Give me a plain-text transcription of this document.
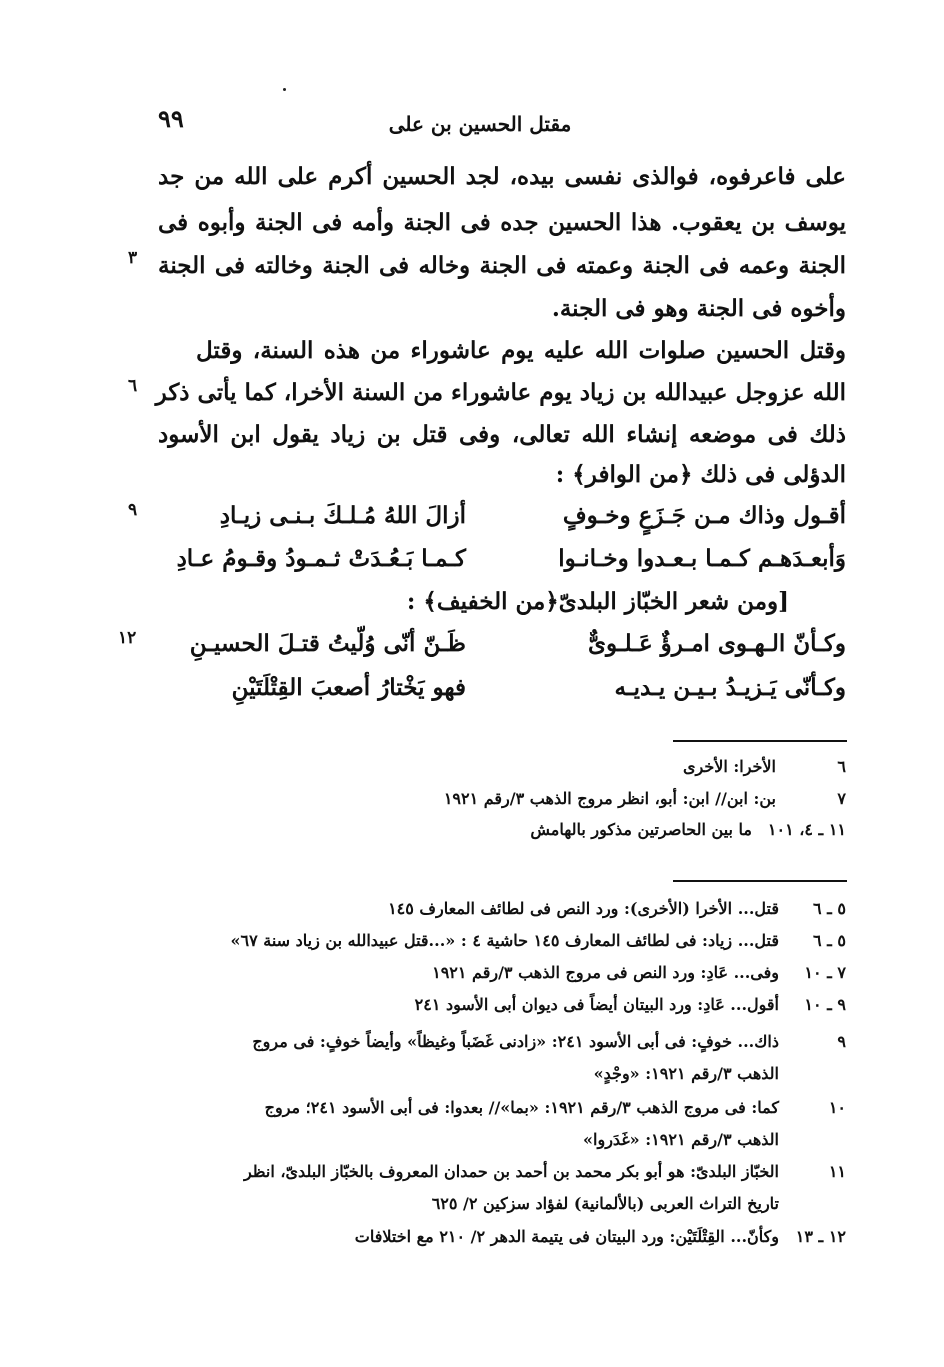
٩٩	مقتل الحسين بن على
على فاعرفوه، فوالذى نفسى بيده، لجد الحسين أكرم على الله من جد
يوسف بن يعقوب. هذا الحسين جده فى الجنة وأمه فى الجنة وأبوه فى
الجنة وعمه فى الجنة وعمته فى الجنة وخاله فى الجنة وخالته فى الجنة
وأخوه فى الجنة وهو فى الجنة.
وقتل الحسين صلوات الله عليه يوم عاشوراء من هذه السنة، وقتل
الله عزوجل عبيدالله بن زياد يوم عاشوراء من السنة الأخرا، كما يأتى ذكر
ذلك فى موضعه إنشاء الله تعالى، وفى قتل بن زياد يقول ابن الأسود
الدؤلى فى ذلك ﴿من الوافر﴾ :
٣
٦
٩
١٢
أقـول وذاك مـن جَـزَعٍ وخـوفٍ
أزالَ اللهُ مُـلـكَ بـنـى زيـادِ
وَأبعـدَهـم كـمـا بـعـدوا وخـانـوا
كـمـا بَـعُـدَتْ ثـمـودُ وقـومُ عـادِ
[ومن شعر الخبّاز البلدىّ﴿من الخفيف﴾ :
وكـأنّ الـهـوى امـرؤٌ عَـلـوىٌّ
ظَـنّ أنّى وُلّيتُ قتـلَ الحسيـنِ
وكـأنّى يَـزيـدُ بـيـن يـديـه
فهو يَخْتارُ أصعبَ القِتْلَتَيْنِ
٦
الأخرا: الأخرى
٧
بن: ابن// ابن: أبو، انظر مروج الذهب ٣/رقم ١٩٢١
١١ ـ ٤، ١٠١
ما بين الحاصرتين مذكور بالهامش
٥ ـ ٦
قتل... الأخرا (الأخرى): ورد النص فى لطائف المعارف ١٤٥
٥ ـ ٦
قتل... زياد: فى لطائف المعارف ١٤٥ حاشية ٤ : «...قتل عبيدالله بن زياد سنة ٦٧»
٧ ـ ١٠
وفى... عَادِ: ورد النص فى مروج الذهب ٣/رقم ١٩٢١
٩ ـ ١٠
أقول... عَادِ: ورد البيتان أيضاً فى ديوان أبى الأسود ٢٤١
٩
ذاك... خوفٍ: فى أبى الأسود ٢٤١: «زادنى غَضَباً وغيظاً» وأيضاً خوفٍ: فى مروج
الذهب ٣/رقم ١٩٢١: «وجْدٍ»
١٠
كما: فى مروج الذهب ٣/رقم ١٩٢١: «بما»// بعدوا: فى أبى الأسود ٢٤١؛ مروج
الذهب ٣/رقم ١٩٢١: «غَدَروا»
١١
الخبّاز البلدىّ: هو أبو بكر محمد بن أحمد بن حمدان المعروف بالخبّاز البلدىّ، انظر
تاريخ التراث العربى (بالألمانية) لفؤاد سزكين ٢/ ٦٢٥
١٢ ـ ١٣
وكأنّ... القِتْلَتَيْن: ورد البيتان فى يتيمة الدهر ٢/ ٢١٠ مع اختلافات
